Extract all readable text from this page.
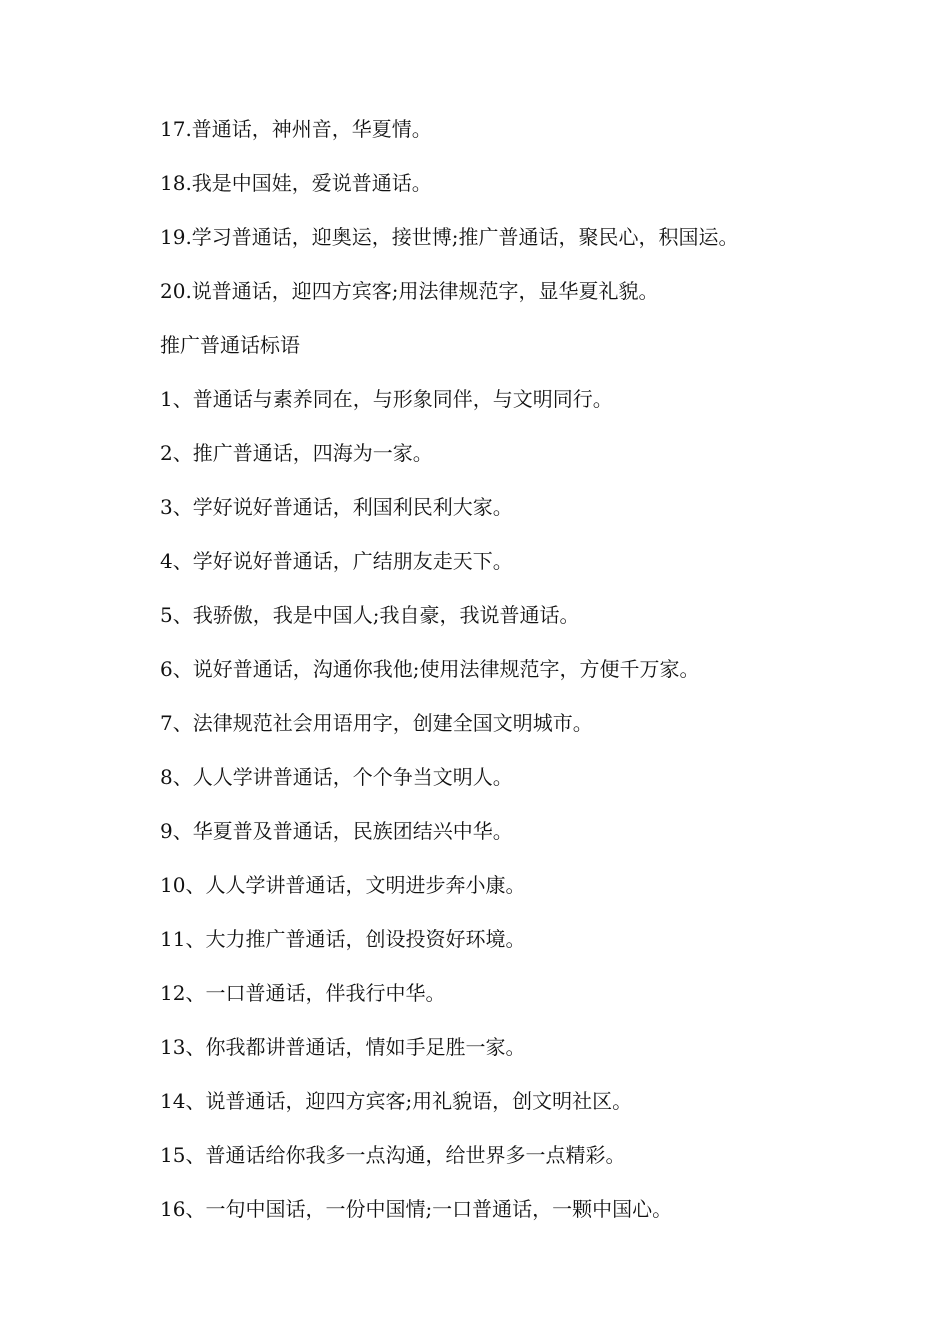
17.普通话，神州音，华夏情。
18.我是中国娃，爱说普通话。
19.学习普通话，迎奥运，接世博;推广普通话，聚民心，积国运。
20.说普通话，迎四方宾客;用法律规范字，显华夏礼貌。
推广普通话标语
1、普通话与素养同在，与形象同伴，与文明同行。
2、推广普通话，四海为一家。
3、学好说好普通话，利国利民利大家。
4、学好说好普通话，广结朋友走天下。
5、我骄傲，我是中国人;我自豪，我说普通话。
6、说好普通话，沟通你我他;使用法律规范字，方便千万家。
7、法律规范社会用语用字，创建全国文明城市。
8、人人学讲普通话，个个争当文明人。
9、华夏普及普通话，民族团结兴中华。
10、人人学讲普通话，文明进步奔小康。
11、大力推广普通话，创设投资好环境。
12、一口普通话，伴我行中华。
13、你我都讲普通话，情如手足胜一家。
14、说普通话，迎四方宾客;用礼貌语，创文明社区。
15、普通话给你我多一点沟通，给世界多一点精彩。
16、一句中国话，一份中国情;一口普通话，一颗中国心。
